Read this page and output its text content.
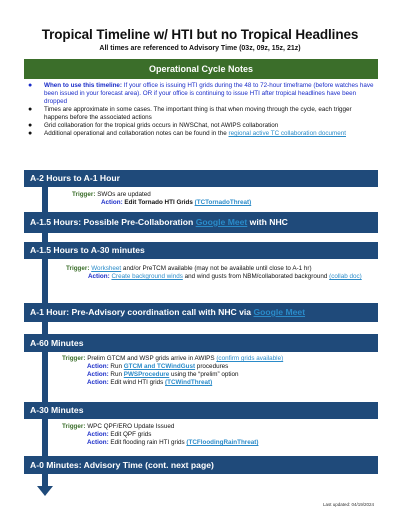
Tropical Timeline w/ HTI but no Tropical Headlines
All times are referenced to Advisory Time (03z, 09z, 15z, 21z)
Operational Cycle Notes
● When to use this timeline: If your office is issuing HTI grids during the 48 to 72-hour timeframe (before watches have been issued in your forecast area). OR if your office is continuing to issue HTI after tropical headlines have been dropped
● Times are approximate in some cases. The important thing is that when moving through the cycle, each trigger happens before the associated actions
● Grid collaboration for the tropical grids occurs in NWSChat, not AWIPS collaboration
● Additional operational and collaboration notes can be found in the regional active TC collaboration document
A-2 Hours to A-1 Hour
Trigger: SWOs are updated
Action: Edit Tornado HTI Grids (TCTornadoThreat)
A-1.5 Hours: Possible Pre-Collaboration Google Meet with NHC
A-1.5 Hours to A-30 minutes
Trigger: Worksheet and/or PreTCM available (may not be available until close to A-1 hr)
Action: Create background winds and wind gusts from NBM/collaborated background (collab doc)
A-1 Hour: Pre-Advisory coordination call with NHC via Google Meet
A-60 Minutes
Trigger: Prelim GTCM and WSP grids arrive in AWIPS (confirm grids available)
Action: Run GTCM and TCWindGust procedures
Action: Run PWSProcedure using the “prelim” option
Action: Edit wind HTI grids (TCWindThreat)
A-30 Minutes
Trigger: WPC QPF/ERO Update Issued
Action: Edit QPF grids
Action: Edit flooding rain HTI grids (TCFloodingRainThreat)
A-0 Minutes: Advisory Time (cont. next page)
Last updated: 04/19/2024
